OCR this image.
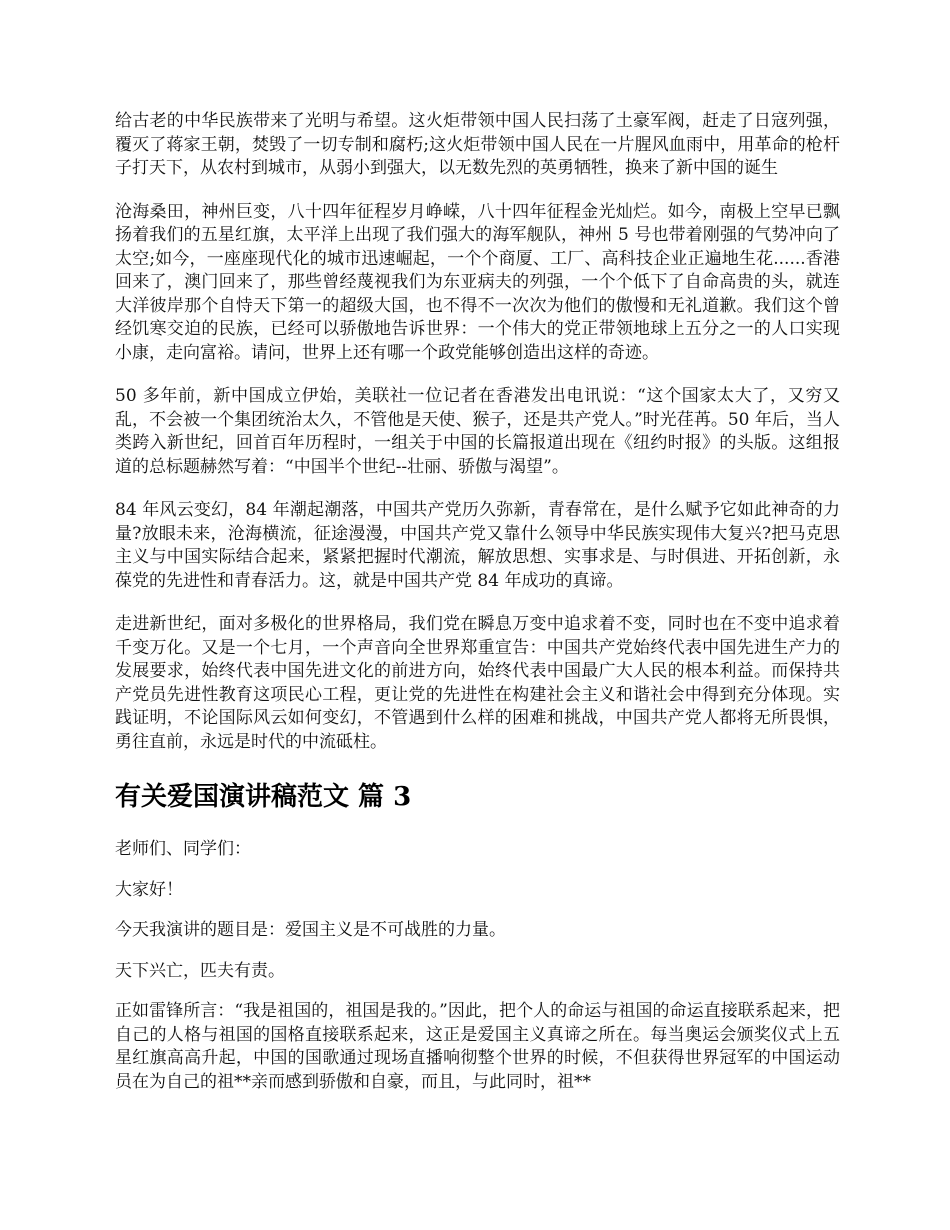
给古老的中华民族带来了光明与希望。这火炬带领中国人民扫荡了土豪军阀，赶走了日寇列强，覆灭了蒋家王朝，焚毁了一切专制和腐朽;这火炬带领中国人民在一片腥风血雨中，用革命的枪杆子打天下，从农村到城市，从弱小到强大，以无数先烈的英勇牺牲，换来了新中国的诞生

沧海桑田，神州巨变，八十四年征程岁月峥嵘，八十四年征程金光灿烂。如今，南极上空早已飘扬着我们的五星红旗，太平洋上出现了我们强大的海军舰队，神州 5 号也带着刚强的气势冲向了太空;如今，一座座现代化的城市迅速崛起，一个个商厦、工厂、高科技企业正遍地生花......香港回来了，澳门回来了，那些曾经蔑视我们为东亚病夫的列强，一个个低下了自命高贵的头，就连大洋彼岸那个自恃天下第一的超级大国，也不得不一次次为他们的傲慢和无礼道歉。我们这个曾经饥寒交迫的民族，已经可以骄傲地告诉世界：一个伟大的党正带领地球上五分之一的人口实现小康，走向富裕。请问，世界上还有哪一个政党能够创造出这样的奇迹。

50 多年前，新中国成立伊始，美联社一位记者在香港发出电讯说：“这个国家太大了，又穷又乱，不会被一个集团统治太久，不管他是天使、猴子，还是共产党人。”时光荏苒。50 年后，当人类跨入新世纪，回首百年历程时，一组关于中国的长篇报道出现在《纽约时报》的头版。这组报道的总标题赫然写着：“中国半个世纪--壮丽、骄傲与渴望”。

84 年风云变幻，84 年潮起潮落，中国共产党历久弥新，青春常在，是什么赋予它如此神奇的力量?放眼未来，沧海横流，征途漫漫，中国共产党又靠什么领导中华民族实现伟大复兴?把马克思主义与中国实际结合起来，紧紧把握时代潮流，解放思想、实事求是、与时俱进、开拓创新，永葆党的先进性和青春活力。这，就是中国共产党 84 年成功的真谛。

走进新世纪，面对多极化的世界格局，我们党在瞬息万变中追求着不变，同时也在不变中追求着千变万化。又是一个七月，一个声音向全世界郑重宣告：中国共产党始终代表中国先进生产力的发展要求，始终代表中国先进文化的前进方向，始终代表中国最广大人民的根本利益。而保持共产党员先进性教育这项民心工程，更让党的先进性在构建社会主义和谐社会中得到充分体现。实践证明，不论国际风云如何变幻，不管遇到什么样的困难和挑战，中国共产党人都将无所畏惧，勇往直前，永远是时代的中流砥柱。

有关爱国演讲稿范文 篇 3

老师们、同学们：

大家好！

今天我演讲的题目是：爱国主义是不可战胜的力量。

天下兴亡，匹夫有责。

正如雷锋所言：“我是祖国的，祖国是我的。”因此，把个人的命运与祖国的命运直接联系起来，把自己的人格与祖国的国格直接联系起来，这正是爱国主义真谛之所在。每当奥运会颁奖仪式上五星红旗高高升起，中国的国歌通过现场直播响彻整个世界的时候，不但获得世界冠军的中国运动员在为自己的祖**亲而感到骄傲和自豪，而且，与此同时，祖**
